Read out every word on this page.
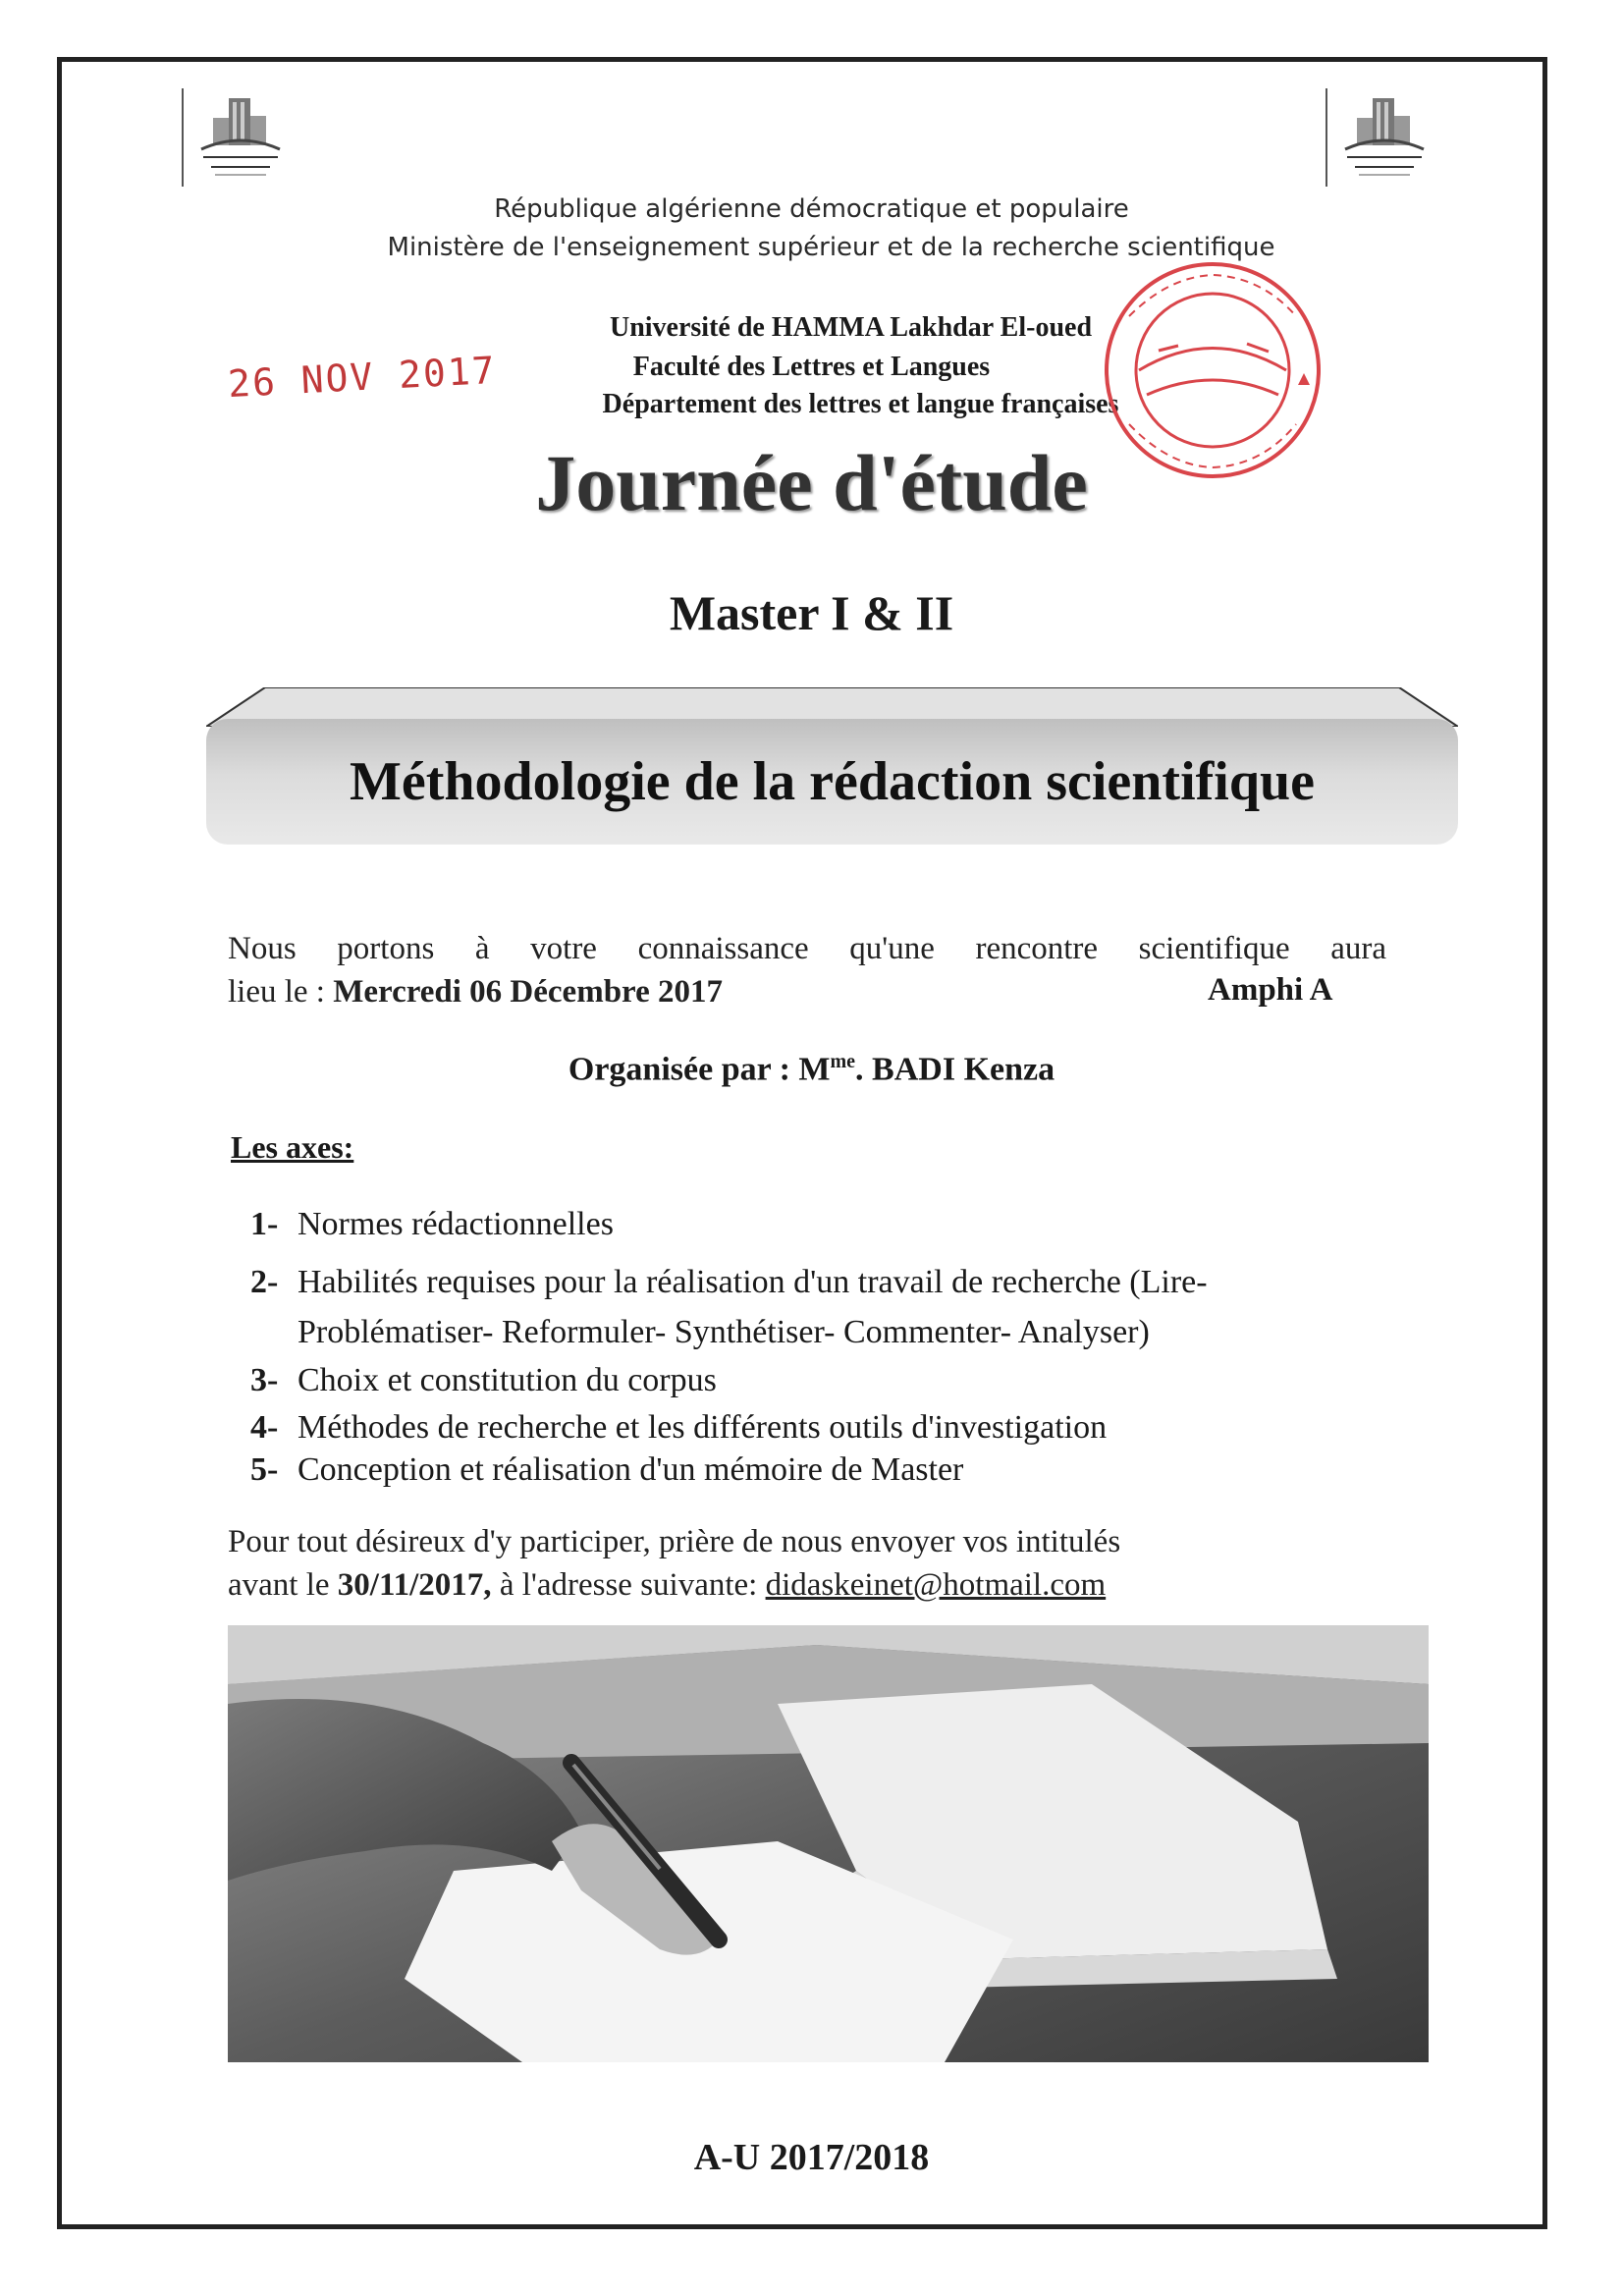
République algérienne démocratique et populaire
Ministère de l'enseignement supérieur et de la recherche scientifique
Université de HAMMA Lakhdar El-oued
Faculté des Lettres et Langues
Département des lettres et langue françaises
26 NOV 2017
Journée d'étude
Master I & II
Méthodologie de la rédaction scientifique
Nous portons à votre connaissance qu'une rencontre scientifique aura
lieu le : Mercredi 06 Décembre 2017	Amphi A
Organisée par : $M^{me}$. BADI Kenza
Les axes:
1- Normes rédactionnelles
2- Habilités requises pour la réalisation d'un travail de recherche (Lire-
Problématiser- Reformuler- Synthétiser- Commenter- Analyser)
3- Choix et constitution du corpus
4- Méthodes de recherche et les différents outils d'investigation
5- Conception et réalisation d'un mémoire de Master
Pour tout désireux d'y participer, prière de nous envoyer vos intitulés
avant le 30/11/2017, à l'adresse suivante: didaskeinet@hotmail.com
A-U 2017/2018
